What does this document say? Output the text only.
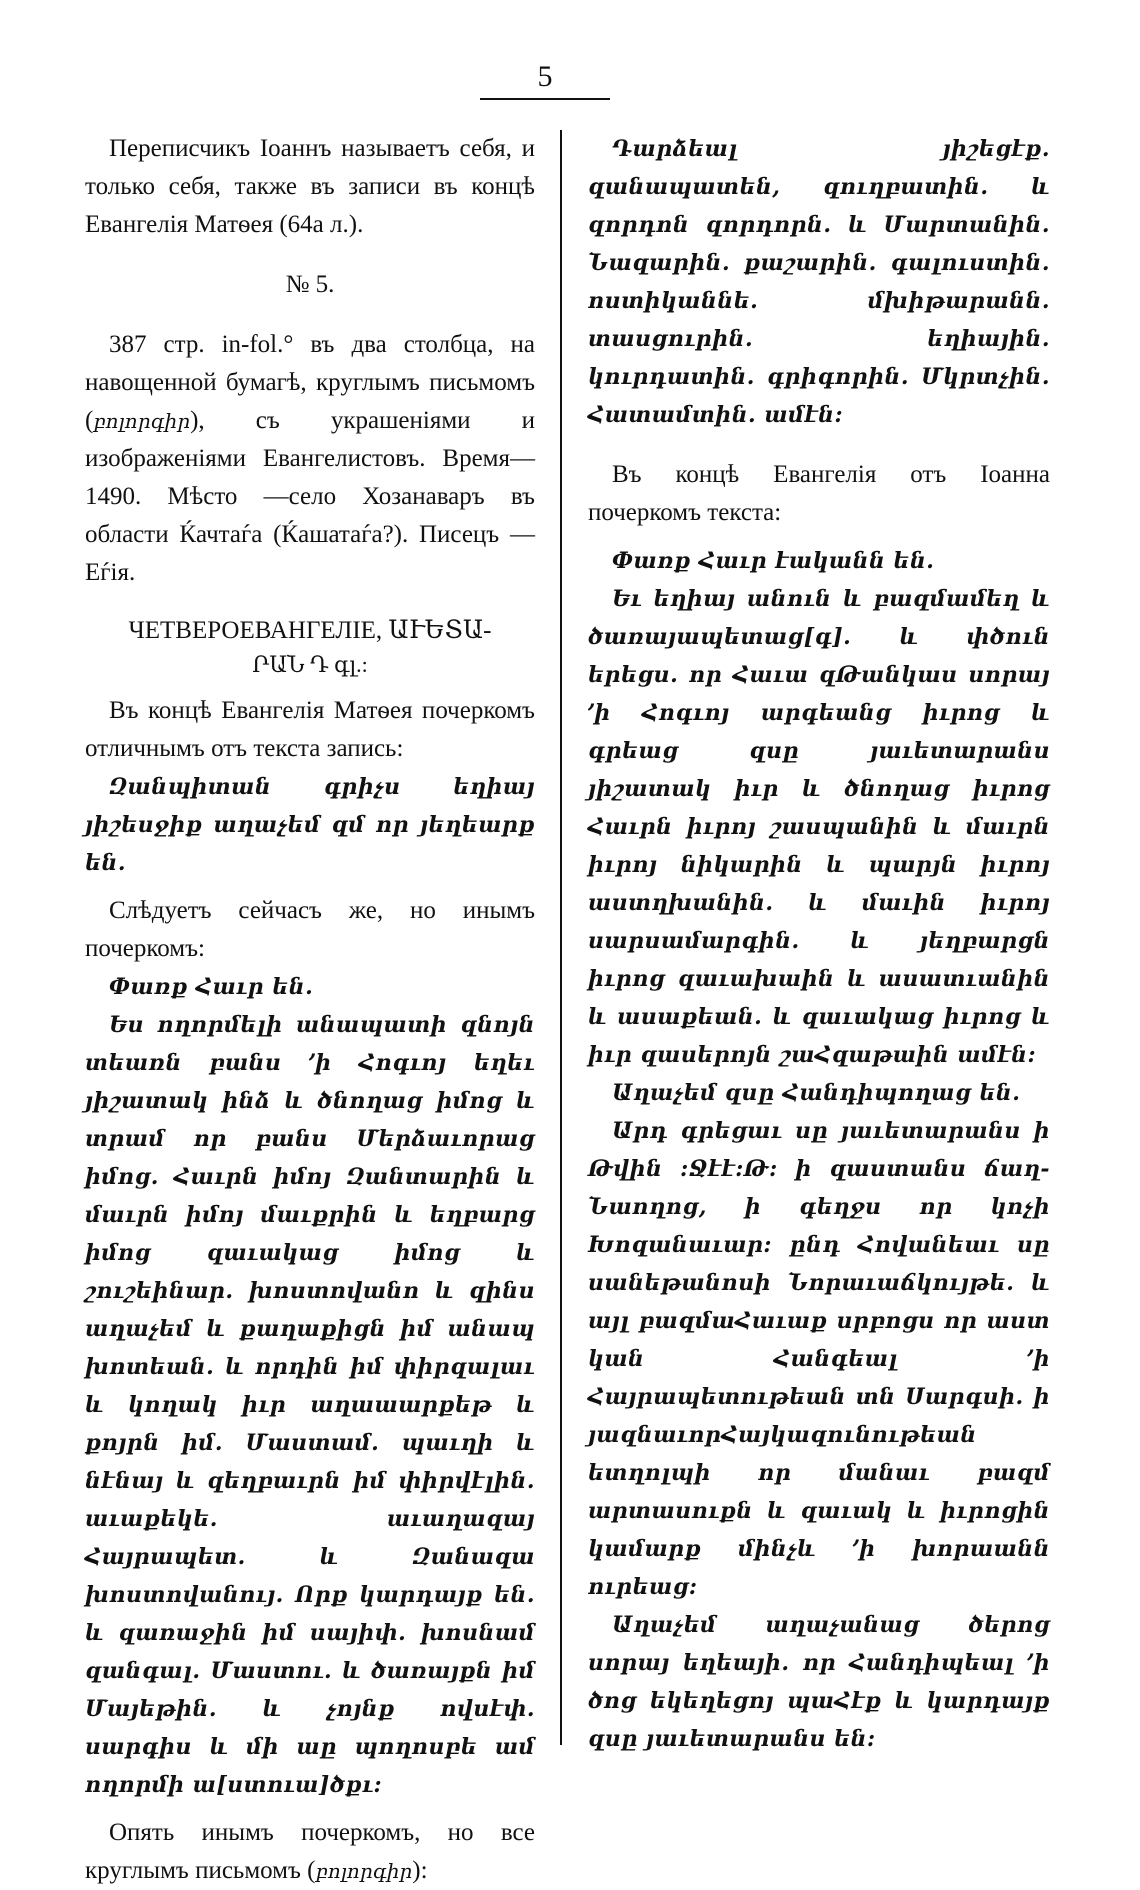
5

Переписчикъ Іоаннъ называетъ себя, и только себя, также въ записи въ концѣ Евангелія Матѳея (64а л.).

№ 5.

387 стр. in-fol.° въ два столбца, на навощенной бумагѣ, круглымъ письмомъ (բոլորգիր), съ украшеніями и изображеніями Евангелистовъ. Время— 1490. Мѣсто —село Хозанаваръ въ области Ќачтаѓа (Ќашатаѓа?). Писецъ —Еѓія.

ЧЕТВЕРОЕВАНГЕЛІЕ, ԱՒԵՏԱ-
ՐԱՆ Դ գլ.:

Въ концѣ Евангелія Матѳея почеркомъ отличнымъ отъ текста запись:

Զանպիտան գրիչս եղիայ յիշեսջիք աղաչեմ զմ որ յեղեարք են.

Слѣдуетъ сейчасъ же, но инымъ почеркомъ:

Փառք Հաւր են.

Ես ողորմելի անապատի զնոյն տեառն բանս ՚ի Հոգւոյ եղեւ յիշատակ ինձ և ծնողաց իմոց և տրամ որ բանս Մերձաւորաց իմոց. Հաւրն իմոյ Զանտարին և մաւրն իմոյ մաւքրին և եղբարց իմոց զաւակաց իմոց և շուշեինար. խոստովանո և զինս աղաչեմ և քաղաքիցն իմ անապ խոտեան. և որդին իմ փիրզալաւ և կողակ իւր աղաաարքեթ և քոյրն իմ. Մաստամ. պաւղի և նէնայ և զեղբաւրն իմ փիրվէլին. աւաքեկե. աւաղազայ Հայրապետ. և Զանազա խոստովանույ. Որք կարդայք են. և զառաջին իմ սայիփ. խոսնամ զանգալ. Մաստու. և ծառայքն իմ Մայեթին. և չոյնք ովսէփ. սարգիս և մի աը պողոսբե ամ ողորմի ա[ստուա]ծքւ:

Опять инымъ почеркомъ, но все круглымъ письмомъ (բոլորգիր):

Դարձեալ յիշեցէք. զանապատեն, զուղբատին. և զորդոն զորդորն. և Մարտանին. Նազարին. քաշարին. գալուստին. ոստիկաննե. մխիթարանն. տասցուրին. եղիային. կուրդատին. գրիգորին. Մկրտչին. Հատամտին. ամէն:

Въ концѣ Евангелія отъ Іоанна почеркомъ текста:

Փառք Հաւր էականն են.

Եւ եղիայ անուն և բազմամեղ և ծառայապետաց[գ]. և փծուն երեցս. որ Հաւա զԹանկաս սորայ ՚ի Հոգւոյ արգեանց իւրոց և գրեաց զսը յաւետարանս յիշատակ իւր և ծնողաց իւրոց Հաւրն իւրոյ շասպանին և մաւրն իւրոյ նիկարին և պարյն իւրոյ աստղխանին. և մաւին իւրոյ սարսամարգին. և յեղբարցն իւրոց զաւախաին և ասատւանին և ասաքեան. և զաւակաց իւրոց և իւր զասերոյն շաՀզաթաին ամէն:

Աղաչեմ զսը Հանդիպողաց են.

Արդ գրեցաւ սը յաւետարանս ի Թվին :Ջէէ:Թ: ի զաստանս ճաղ-Նաողոց, ի գեղջս որ կոչի Խոզանաւար: ընդ Հովանեաւ սը սանեթանոսի Նորաւաճկույթե. և այլ բազմաՀաւաք սրբոցս որ աստ կան Հանգեալ ՚ի Հայրապետութեան տն Սարգսի. ի յազնաւորՀայկազունութեան ետղոլպի որ մանաւ բազմ արտասուքն և զաւակ և իւրոցին կամարք մինչև ՚ի խորաանն ուրեաց:

Աղաչեմ աղաչանաց ծերոց սորայ եղեայի. որ Հանդիպեալ ՚ի ծոց եկեղեցոյ պաՀէք և կարդայք զսը յաւետարանս են:
